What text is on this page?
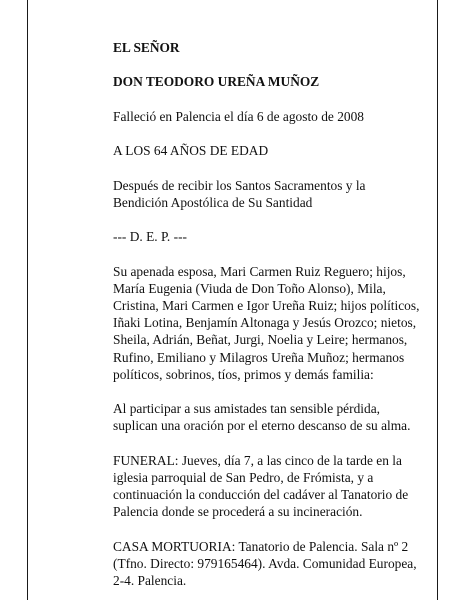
EL SEÑOR

DON TEODORO UREÑA MUÑOZ

Falleció en Palencia el día 6 de agosto de 2008

A LOS 64 AÑOS DE EDAD

Después de recibir los Santos Sacramentos y la Bendición Apostólica de Su Santidad

--- D. E. P. ---

Su apenada esposa, Mari Carmen Ruiz Reguero; hijos, María Eugenia (Viuda de Don Toño Alonso), Mila, Cristina, Mari Carmen e Igor Ureña Ruiz; hijos políticos, Iñaki Lotina, Benjamín Altonaga y Jesús Orozco; nietos, Sheila, Adrián, Beñat, Jurgi, Noelia y Leire; hermanos, Rufino, Emiliano y Milagros Ureña Muñoz; hermanos políticos, sobrinos, tíos, primos y demás familia:

Al participar a sus amistades tan sensible pérdida, suplican una oración por el eterno descanso de su alma.

FUNERAL: Jueves, día 7, a las cinco de la tarde en la iglesia parroquial de San Pedro, de Frómista, y a continuación la conducción del cadáver al Tanatorio de Palencia donde se procederá a su incineración.

CASA MORTUORIA: Tanatorio de Palencia. Sala nº 2 (Tfno. Directo: 979165464). Avda. Comunidad Europea, 2-4. Palencia.
